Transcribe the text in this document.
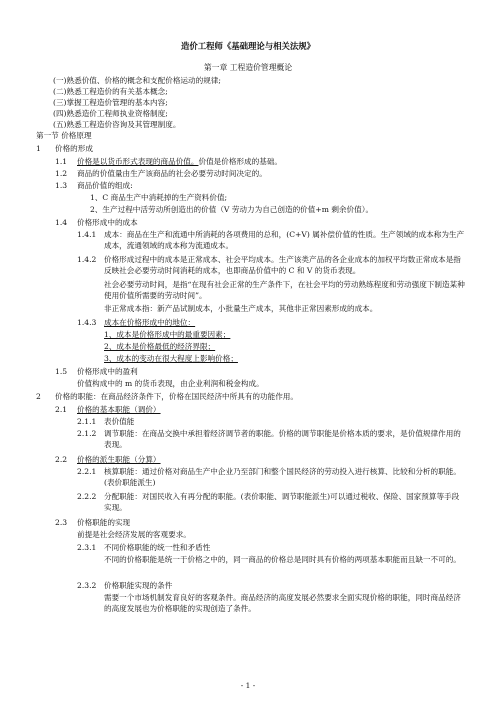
造价工程师《基础理论与相关法规》
第一章 工程造价管理概论
(一)熟悉价值、价格的概念和支配价格运动的规律;
(二)熟悉工程造价的有关基本概念;
(三)掌握工程造价管理的基本内容;
(四)熟悉造价工程师执业资格制度;
(五)熟悉工程造价咨询及其管理制度。
第一节 价格原理
1 价格的形成
1.1 价格是以货币形式表现的商品价值。价值是价格形成的基础。
1.2 商品的价值量由生产该商品的社会必要劳动时间决定的。
1.3 商品价值的组成:
1、C 商品生产中消耗掉的生产资料价值;
2、生产过程中活劳动所创造出的价值（V 劳动力为自己创造的价值+m 剩余价值）。
1.4 价格形成中的成本
1.4.1 成本：商品在生产和流通中所消耗的各项费用的总和，(C+V) 属补偿价值的性质。生产领域的成本称为生产成本，流通领域的成本称为流通成本。
1.4.2 价格形成过程中的成本是正常成本、社会平均成本。生产该类产品的各企业成本的加权平均数正常成本是指反映社会必要劳动时间消耗的成本，也即商品价值中的 C 和 V 的货币表现。
社会必要劳动时间，是指“在现有社会正常的生产条件下，在社会平均的劳动熟练程度和劳动强度下制造某种使用价值所需要的劳动时间”。
非正常成本指：新产品试制成本，小批量生产成本，其他非正常因素形成的成本。
1.4.3 成本在价格形成中的地位：
1、成本是价格形成中的最重要因素；
2、成本是价格最低的经济界限；
3、成本的变动在很大程度上影响价格；
1.5 价格形成中的盈利
价值构成中的 m 的货币表现，由企业利润和税金构成。
2 价格的职能：在商品经济条件下，价格在国民经济中所具有的功能作用。
2.1 价格的基本职能（调价）
2.1.1 表价值能
2.1.2 调节职能：在商品交换中承担着经济调节者的职能。价格的调节职能是价格本质的要求，是价值规律作用的表现。
2.2 价格的派生职能（分算）
2.2.1 核算职能：通过价格对商品生产中企业乃至部门和整个国民经济的劳动投入进行核算、比较和分析的职能。(表价职能派生)
2.2.2 分配职能：对国民收入有再分配的职能。(表价职能、调节职能派生)可以通过税收、保险、国家预算等手段实现。
2.3 价格职能的实现
前提是社会经济发展的客观要求。
2.3.1 不同价格职能的统一性和矛盾性
不同的价格职能是统一于价格之中的，同一商品的价格总是同时具有价格的两项基本职能而且缺一不可的。
2.3.2 价格职能实现的条件
需要一个市场机制发育良好的客观条件。商品经济的高度发展必然要求全面实现价格的职能，同时商品经济的高度发展也为价格职能的实现创造了条件。
- 1 -
